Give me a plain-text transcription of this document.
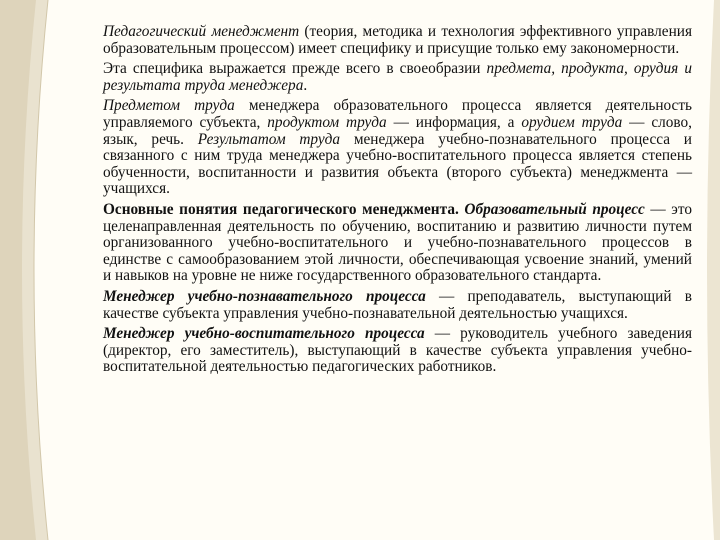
Педагогический менеджмент (теория, методика и технология эффективного управления образовательным процессом) имеет специфику и присущие только ему закономерности.

Эта специфика выражается прежде всего в своеобразии предмета, продукта, орудия и результата труда менеджера.

Предметом труда менеджера образовательного процесса является деятельность управляемого субъекта, продуктом труда — информация, а орудием труда — слово, язык, речь. Результатом труда менеджера учебно-познавательного процесса и связанного с ним труда менеджера учебно-воспитательного процесса является степень обученности, воспитанности и развития объекта (второго субъекта) менеджмента — учащихся.

Основные понятия педагогического менеджмента. Образовательный процесс — это целенаправленная деятельность по обучению, воспитанию и развитию личности путем организованного учебно-воспитательного и учебно-познавательного процессов в единстве с самообразованием этой личности, обеспечивающая усвоение знаний, умений и навыков на уровне не ниже государственного образовательного стандарта.

Менеджер учебно-познавательного процесса — преподаватель, выступающий в качестве субъекта управления учебно-познавательной деятельностью учащихся.

Менеджер учебно-воспитательного процесса — руководитель учебного заведения (директор, его заместитель), выступающий в качестве субъекта управления учебно-воспитательной деятельностью педагогических работников.
